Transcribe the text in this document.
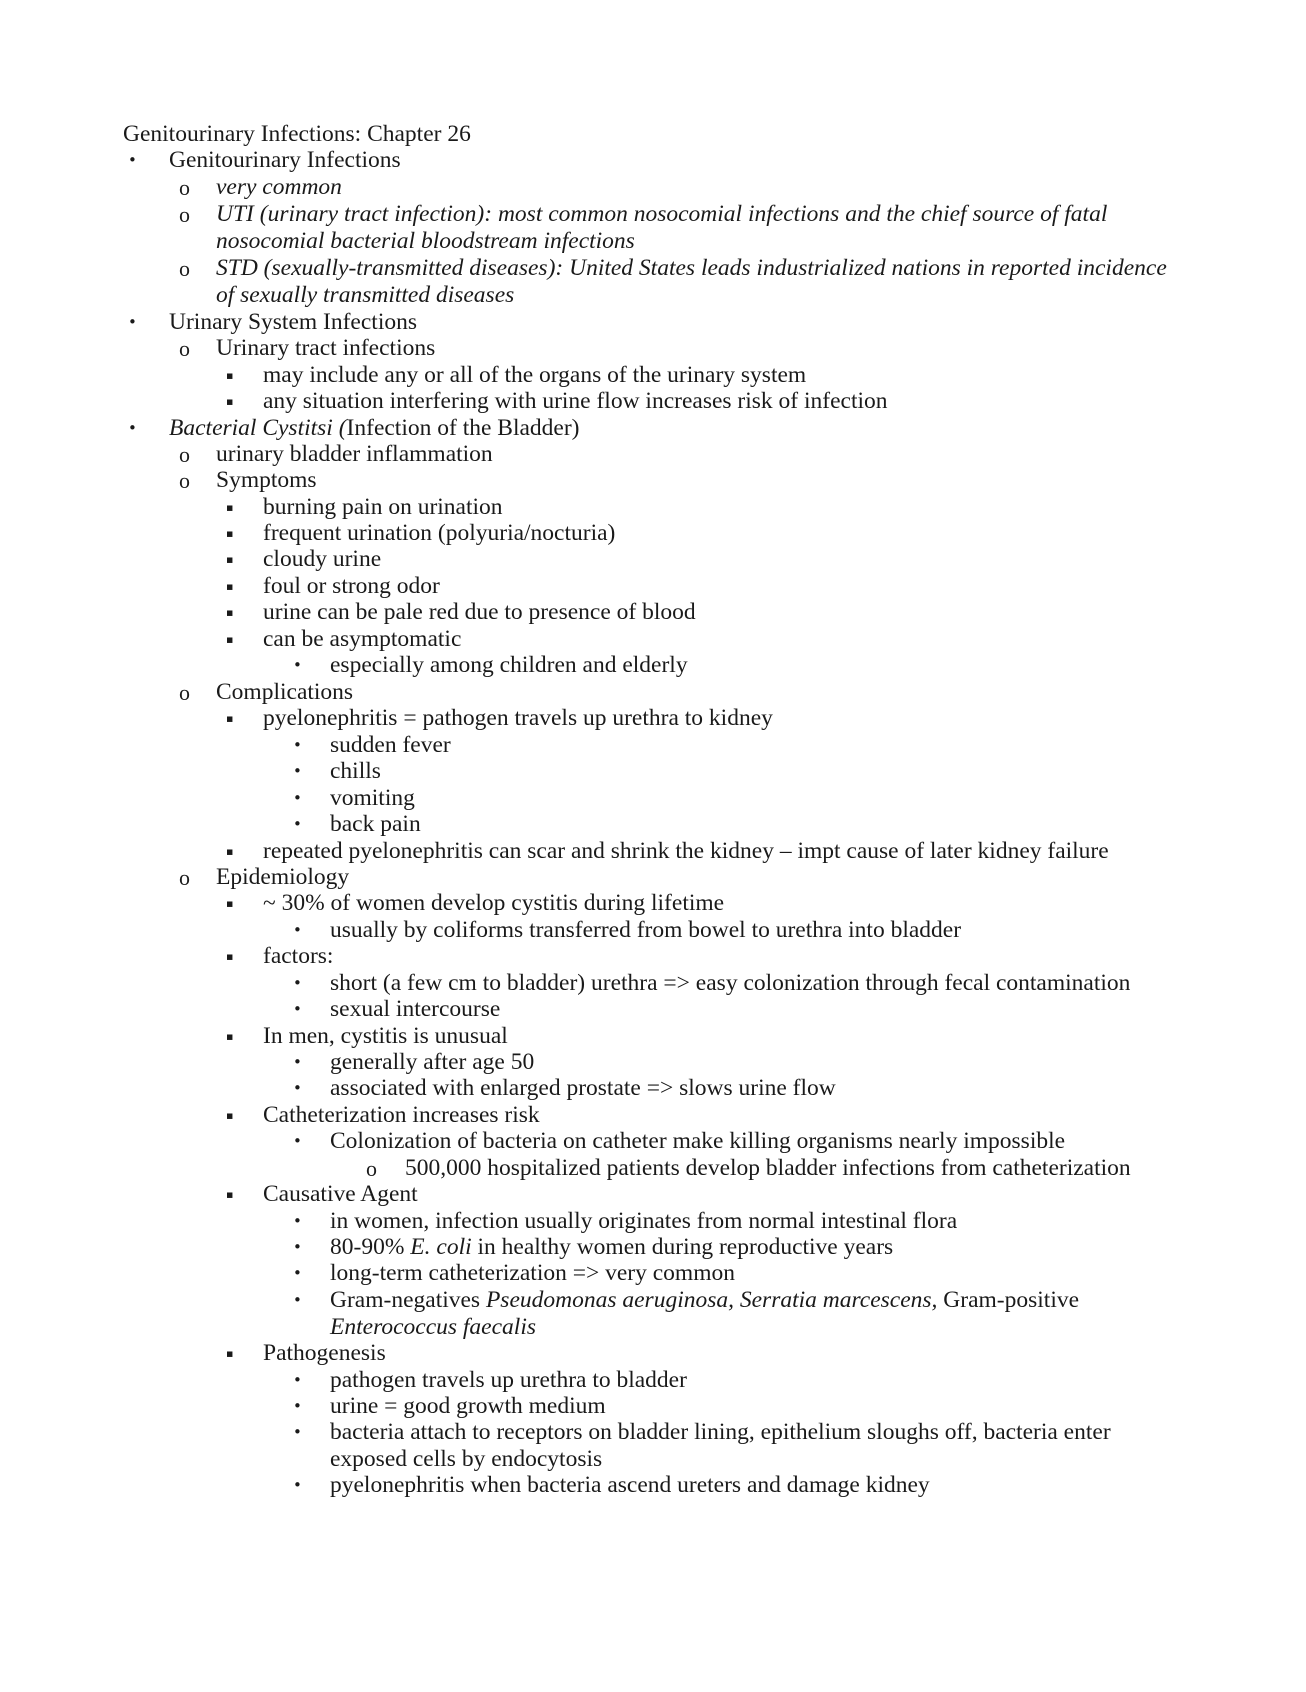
Genitourinary Infections: Chapter 26
• Genitourinary Infections
o very common
o UTI (urinary tract infection): most common nosocomial infections and the chief source of fatal
nosocomial bacterial bloodstream infections
o STD (sexually-transmitted diseases): United States leads industrialized nations in reported incidence
of sexually transmitted diseases
• Urinary System Infections
o Urinary tract infections
▪ may include any or all of the organs of the urinary system
▪ any situation interfering with urine flow increases risk of infection
• Bacterial Cystitsi (Infection of the Bladder)
o urinary bladder inflammation
o Symptoms
▪ burning pain on urination
▪ frequent urination (polyuria/nocturia)
▪ cloudy urine
▪ foul or strong odor
▪ urine can be pale red due to presence of blood
▪ can be asymptomatic
• especially among children and elderly
o Complications
▪ pyelonephritis = pathogen travels up urethra to kidney
• sudden fever
• chills
• vomiting
• back pain
▪ repeated pyelonephritis can scar and shrink the kidney – impt cause of later kidney failure
o Epidemiology
▪ ~ 30% of women develop cystitis during lifetime
• usually by coliforms transferred from bowel to urethra into bladder
▪ factors:
• short (a few cm to bladder) urethra => easy colonization through fecal contamination
• sexual intercourse
▪ In men, cystitis is unusual
• generally after age 50
• associated with enlarged prostate => slows urine flow
▪ Catheterization increases risk
• Colonization of bacteria on catheter make killing organisms nearly impossible
o 500,000 hospitalized patients develop bladder infections from catheterization
▪ Causative Agent
• in women, infection usually originates from normal intestinal flora
• 80-90% E. coli in healthy women during reproductive years
• long-term catheterization => very common
• Gram-negatives Pseudomonas aeruginosa, Serratia marcescens, Gram-positive
Enterococcus faecalis
▪ Pathogenesis
• pathogen travels up urethra to bladder
• urine = good growth medium
• bacteria attach to receptors on bladder lining, epithelium sloughs off, bacteria enter
exposed cells by endocytosis
• pyelonephritis when bacteria ascend ureters and damage kidney
